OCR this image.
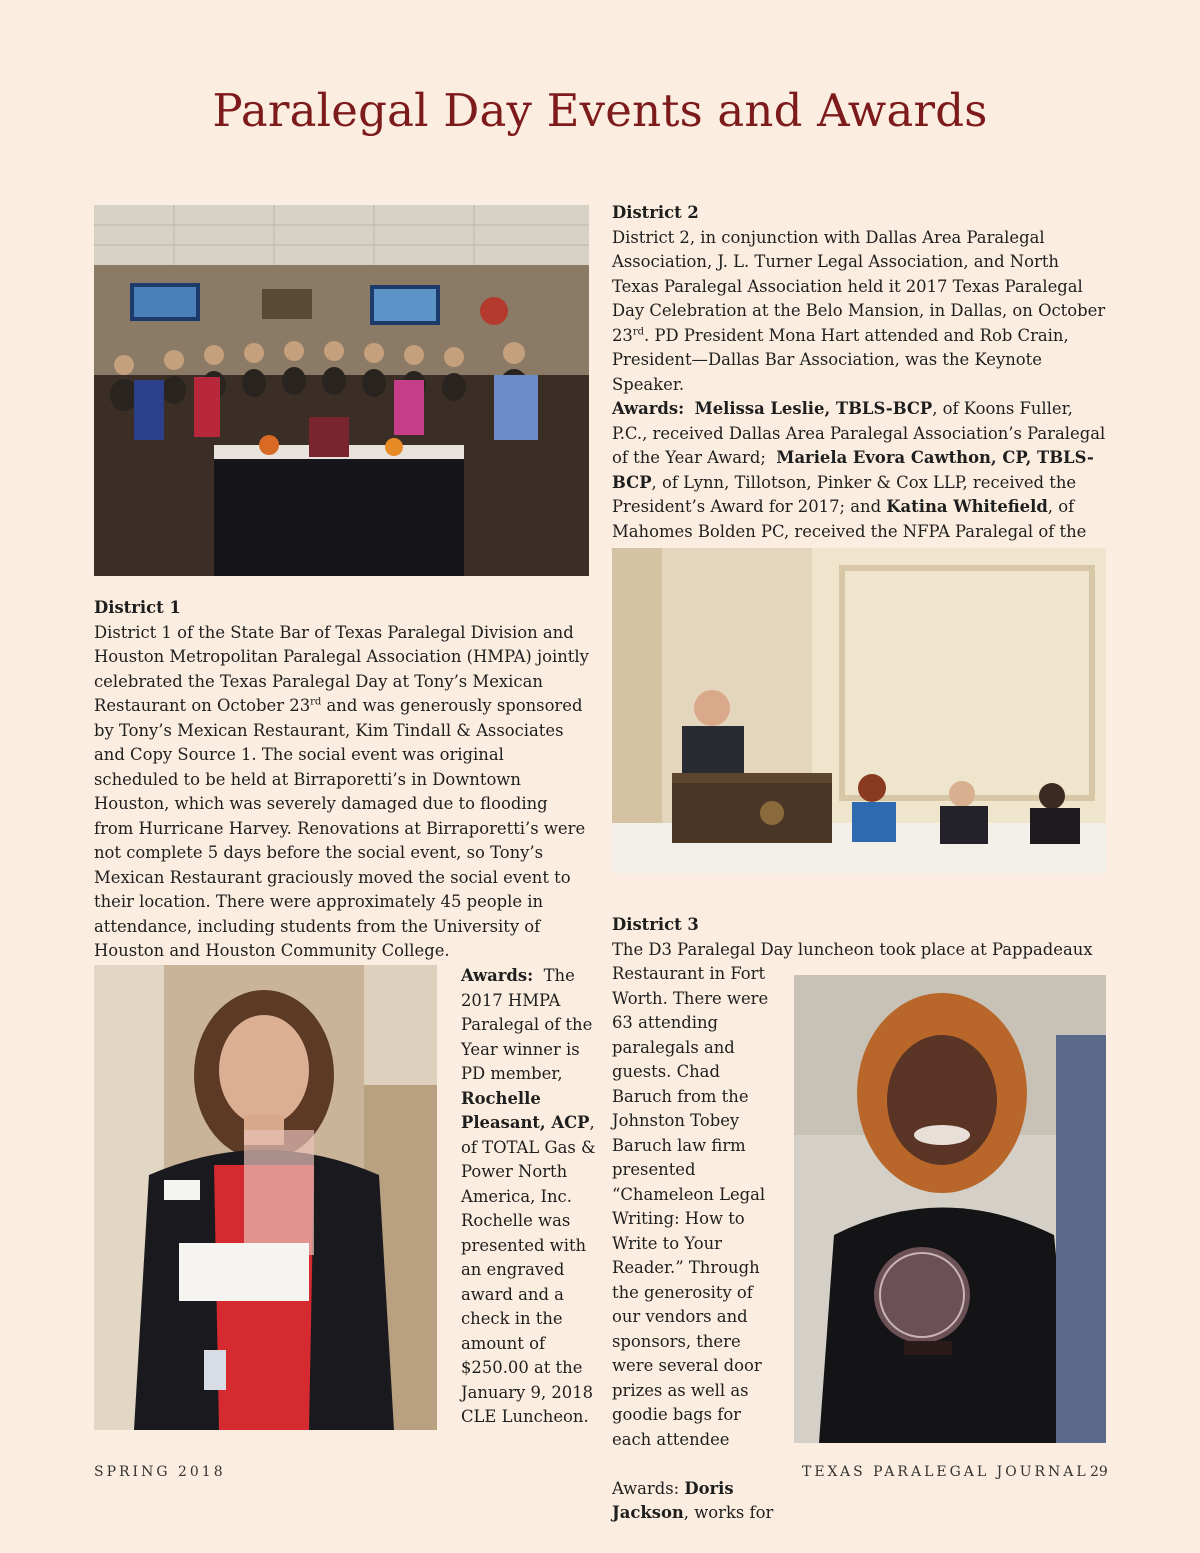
Paralegal Day Events and Awards
District 2
District 2, in conjunction with Dallas Area Paralegal Association, J. L. Turner Legal Association, and North Texas Paralegal Association held it 2017 Texas Paralegal Day Celebration at the Belo Mansion, in Dallas, on October 23rd. PD President Mona Hart attended and Rob Crain, President—Dallas Bar Association, was the Keynote Speaker.
Awards: Melissa Leslie, TBLS-BCP, of Koons Fuller, P.C., received Dallas Area Paralegal Association’s Paralegal of the Year Award; Mariela Evora Cawthon, CP, TBLS-BCP, of Lynn, Tillotson, Pinker & Cox LLP, received the President’s Award for 2017; and Katina Whitefield, of Mahomes Bolden PC, received the NFPA Paralegal of the
District 1
District 1 of the State Bar of Texas Paralegal Division and Houston Metropolitan Paralegal Association (HMPA) jointly celebrated the Texas Paralegal Day at Tony’s Mexican Restaurant on October 23rd and was generously sponsored by Tony’s Mexican Restaurant, Kim Tindall & Associates and Copy Source 1. The social event was original scheduled to be held at Birraporetti’s in Downtown Houston, which was severely damaged due to flooding from Hurricane Harvey. Renovations at Birraporetti’s were not complete 5 days before the social event, so Tony’s Mexican Restaurant graciously moved the social event to their location. There were approximately 45 people in attendance, including students from the University of Houston and Houston Community College.
Awards: The 2017 HMPA Paralegal of the Year winner is PD member, Rochelle Pleasant, ACP, of TOTAL Gas & Power North America, Inc. Rochelle was presented with an engraved award and a check in the amount of $250.00 at the January 9, 2018 CLE Luncheon.
District 3
The D3 Paralegal Day luncheon took place at Pappadeaux
Restaurant in Fort Worth. There were 63 attending paralegals and guests. Chad Baruch from the Johnston Tobey Baruch law firm presented “Chameleon Legal Writing: How to Write to Your Reader.” Through the generosity of our vendors and sponsors, there were several door prizes as well as goodie bags for each attendee
Awards: Doris Jackson, works for
SPRING 2018	TEXAS PARALEGAL JOURNAL 29
